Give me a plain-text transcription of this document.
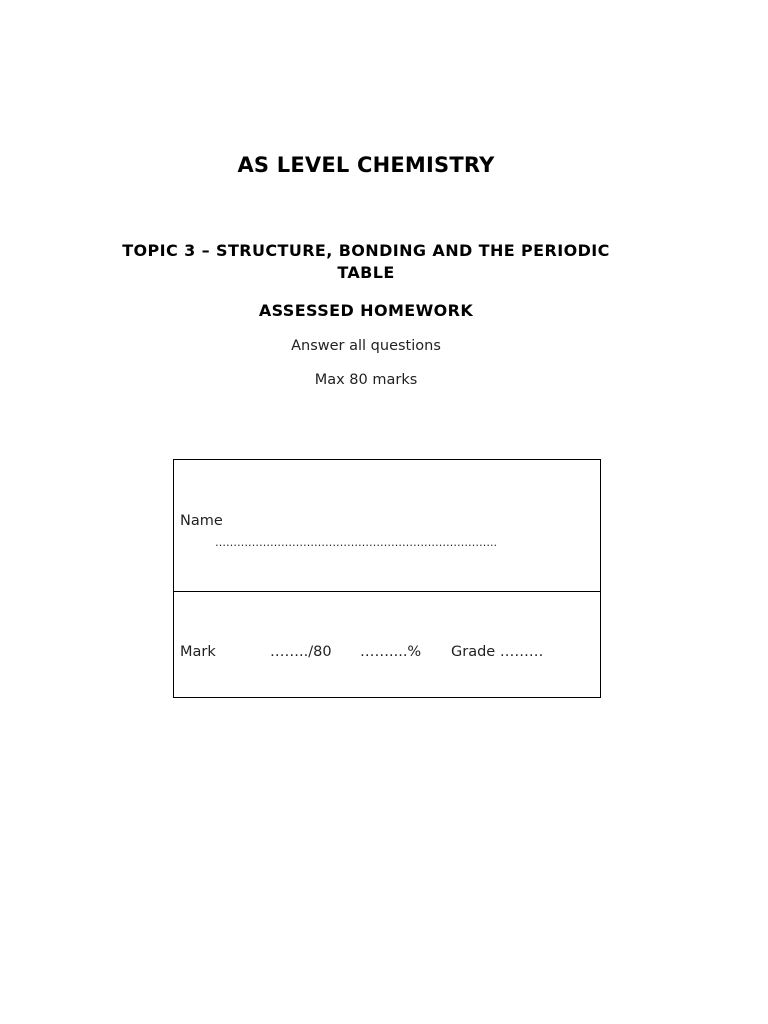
AS LEVEL CHEMISTRY
TOPIC 3 – STRUCTURE, BONDING AND THE PERIODIC TABLE
ASSESSED HOMEWORK
Answer all questions
Max 80 marks
Name
…………………………………………………………………..
Mark	……../80 ……....% Grade ………
